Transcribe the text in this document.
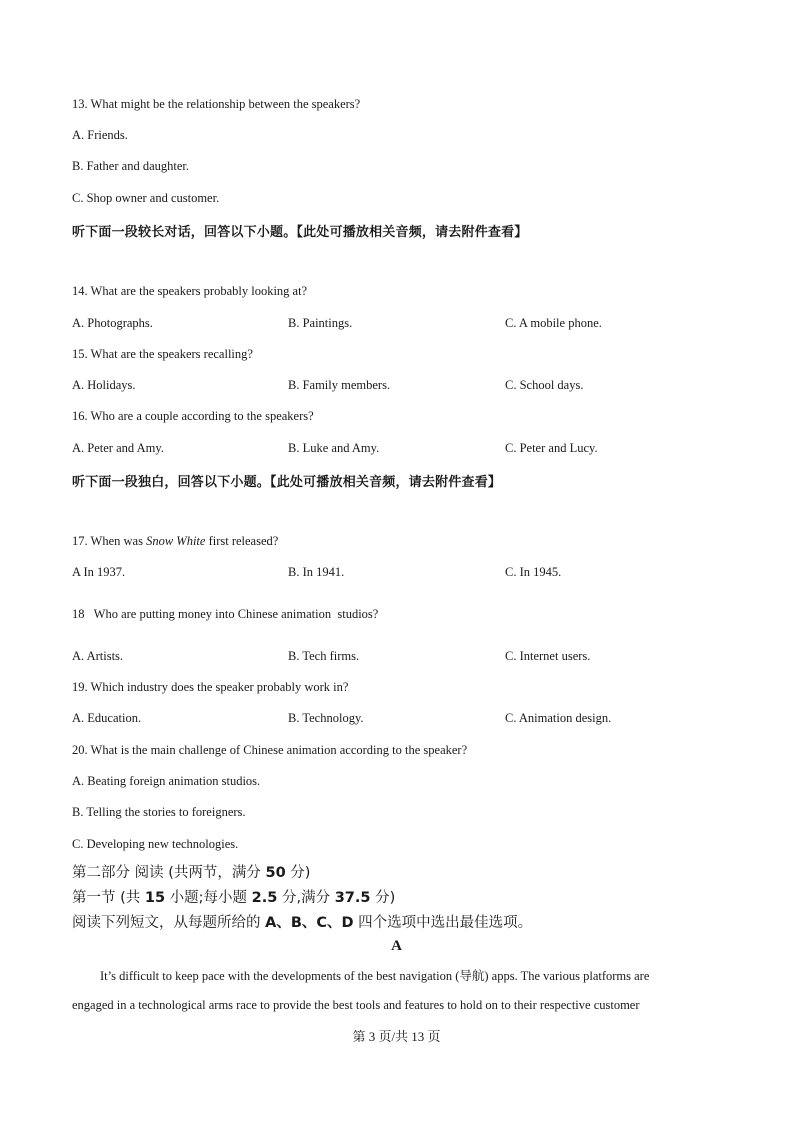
13. What might be the relationship between the speakers?
A. Friends.
B. Father and daughter.
C. Shop owner and customer.
听下面一段较长对话，回答以下小题。【此处可播放相关音频，请去附件查看】
14. What are the speakers probably looking at?
A. Photographs.	B. Paintings.	C. A mobile phone.
15. What are the speakers recalling?
A. Holidays.	B. Family members.	C. School days.
16. Who are a couple according to the speakers?
A. Peter and Amy.	B. Luke and Amy.	C. Peter and Lucy.
听下面一段独白，回答以下小题。【此处可播放相关音频，请去附件查看】
17. When was Snow White first released?
A In 1937.	B. In 1941.	C. In 1945.
18   Who are putting money into Chinese animation  studios?
A. Artists.	B. Tech firms.	C. Internet users.
19. Which industry does the speaker probably work in?
A. Education.	B. Technology.	C. Animation design.
20. What is the main challenge of Chinese animation according to the speaker?
A. Beating foreign animation studios.
B. Telling the stories to foreigners.
C. Developing new technologies.
第二部分 阅读 (共两节，满分 50 分)
第一节 (共 15 小题;每小题 2.5 分,满分 37.5 分)
阅读下列短文，从每题所给的 A、B、C、D 四个选项中选出最佳选项。
A
It’s difficult to keep pace with the developments of the best navigation (导航) apps. The various platforms are
engaged in a technological arms race to provide the best tools and features to hold on to their respective customer
第 3 页/共 13 页
